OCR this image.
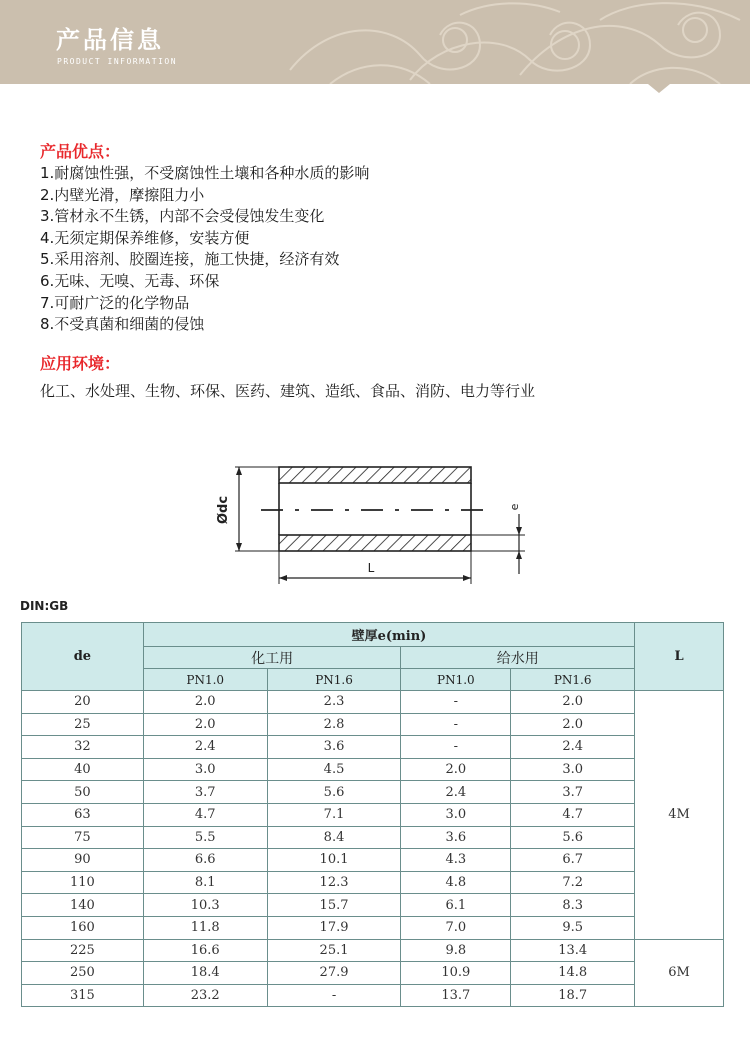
产品信息
PRODUCT INFORMATION
产品优点：
1.耐腐蚀性强，不受腐蚀性土壤和各种水质的影响
2.内壁光滑，摩擦阻力小
3.管材永不生锈，内部不会受侵蚀发生变化
4.无须定期保养维修，安装方便
5.采用溶剂、胶圈连接，施工快捷，经济有效
6.无味、无嗅、无毒、环保
7.可耐广泛的化学物品
8.不受真菌和细菌的侵蚀
应用环境：
化工、水处理、生物、环保、医药、建筑、造纸、食品、消防、电力等行业
L
Ødc	e
DIN:GB
de	壁厚e(min)				L
	化工用		给水用		
	PN1.0	PN1.6	PN1.0	PN1.6	
20	2.0	2.3	-	2.0	4M
25	2.0	2.8	-	2.0	
32	2.4	3.6	-	2.4	
40	3.0	4.5	2.0	3.0	
50	3.7	5.6	2.4	3.7	
63	4.7	7.1	3.0	4.7	
75	5.5	8.4	3.6	5.6	
90	6.6	10.1	4.3	6.7	
110	8.1	12.3	4.8	7.2	
140	10.3	15.7	6.1	8.3	
160	11.8	17.9	7.0	9.5	
225	16.6	25.1	9.8	13.4	6M
250	18.4	27.9	10.9	14.8	
315	23.2	-	13.7	18.7	
